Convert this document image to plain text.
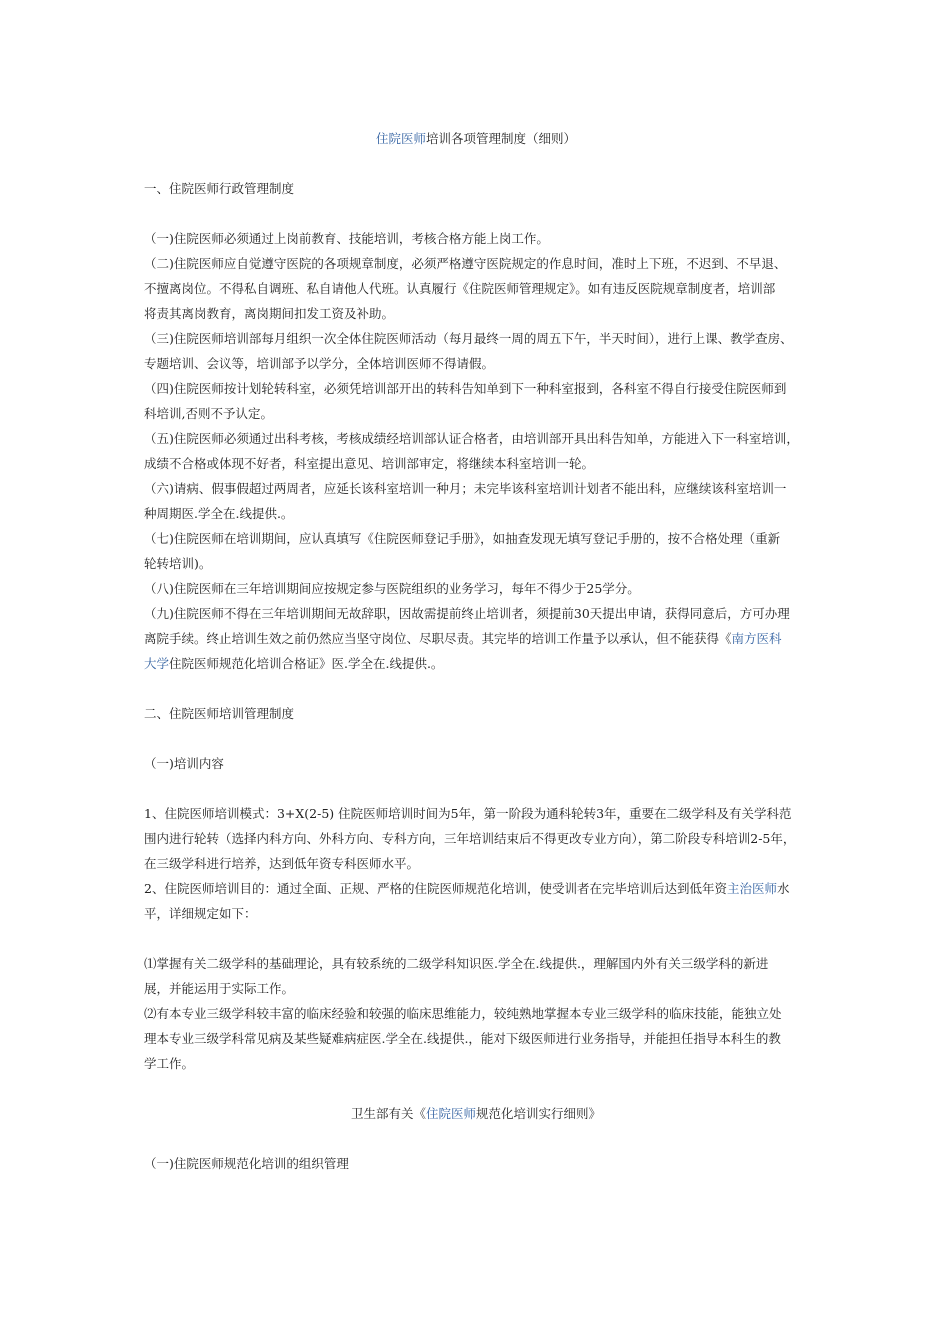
住院医师培训各项管理制度（细则）
一、住院医师行政管理制度
（一)住院医师必须通过上岗前教育、技能培训，考核合格方能上岗工作。
（二)住院医师应自觉遵守医院的各项规章制度，必须严格遵守医院规定的作息时间，准时上下班，不迟到、不早退、
不擅离岗位。不得私自调班、私自请他人代班。认真履行《住院医师管理规定》。如有违反医院规章制度者，培训部
将责其离岗教育，离岗期间扣发工资及补助。
（三)住院医师培训部每月组织一次全体住院医师活动（每月最终一周的周五下午，半天时间），进行上课、教学查房、
专题培训、会议等，培训部予以学分，全体培训医师不得请假。
（四)住院医师按计划轮转科室，必须凭培训部开出的转科告知单到下一种科室报到，各科室不得自行接受住院医师到
科培训,否则不予认定。
（五)住院医师必须通过出科考核，考核成绩经培训部认证合格者，由培训部开具出科告知单，方能进入下一科室培训，
成绩不合格或体现不好者，科室提出意见、培训部审定，将继续本科室培训一轮。
（六)请病、假事假超过两周者，应延长该科室培训一种月；未完毕该科室培训计划者不能出科，应继续该科室培训一
种周期医.学全在.线提供.。
（七)住院医师在培训期间，应认真填写《住院医师登记手册》，如抽查发现无填写登记手册的，按不合格处理（重新
轮转培训)。
（八)住院医师在三年培训期间应按规定参与医院组织的业务学习，每年不得少于25学分。
（九)住院医师不得在三年培训期间无故辞职，因故需提前终止培训者，须提前30天提出申请，获得同意后，方可办理
离院手续。终止培训生效之前仍然应当坚守岗位、尽职尽责。其完毕的培训工作量予以承认，但不能获得《南方医科
大学住院医师规范化培训合格证》医.学全在.线提供.。
二、住院医师培训管理制度
（一)培训内容
1、住院医师培训模式：3+X(2-5) 住院医师培训时间为5年，第一阶段为通科轮转3年，重要在二级学科及有关学科范
围内进行轮转（选择内科方向、外科方向、专科方向，三年培训结束后不得更改专业方向），第二阶段专科培训2-5年，
在三级学科进行培养，达到低年资专科医师水平。
2、住院医师培训目的：通过全面、正规、严格的住院医师规范化培训，使受训者在完毕培训后达到低年资主治医师水
平，详细规定如下：
⑴掌握有关二级学科的基础理论，具有较系统的二级学科知识医.学全在.线提供.，理解国内外有关三级学科的新进
展，并能运用于实际工作。
⑵有本专业三级学科较丰富的临床经验和较强的临床思维能力，较纯熟地掌握本专业三级学科的临床技能，能独立处
理本专业三级学科常见病及某些疑难病症医.学全在.线提供.，能对下级医师进行业务指导，并能担任指导本科生的教
学工作。
卫生部有关《住院医师规范化培训实行细则》
（一)住院医师规范化培训的组织管理
